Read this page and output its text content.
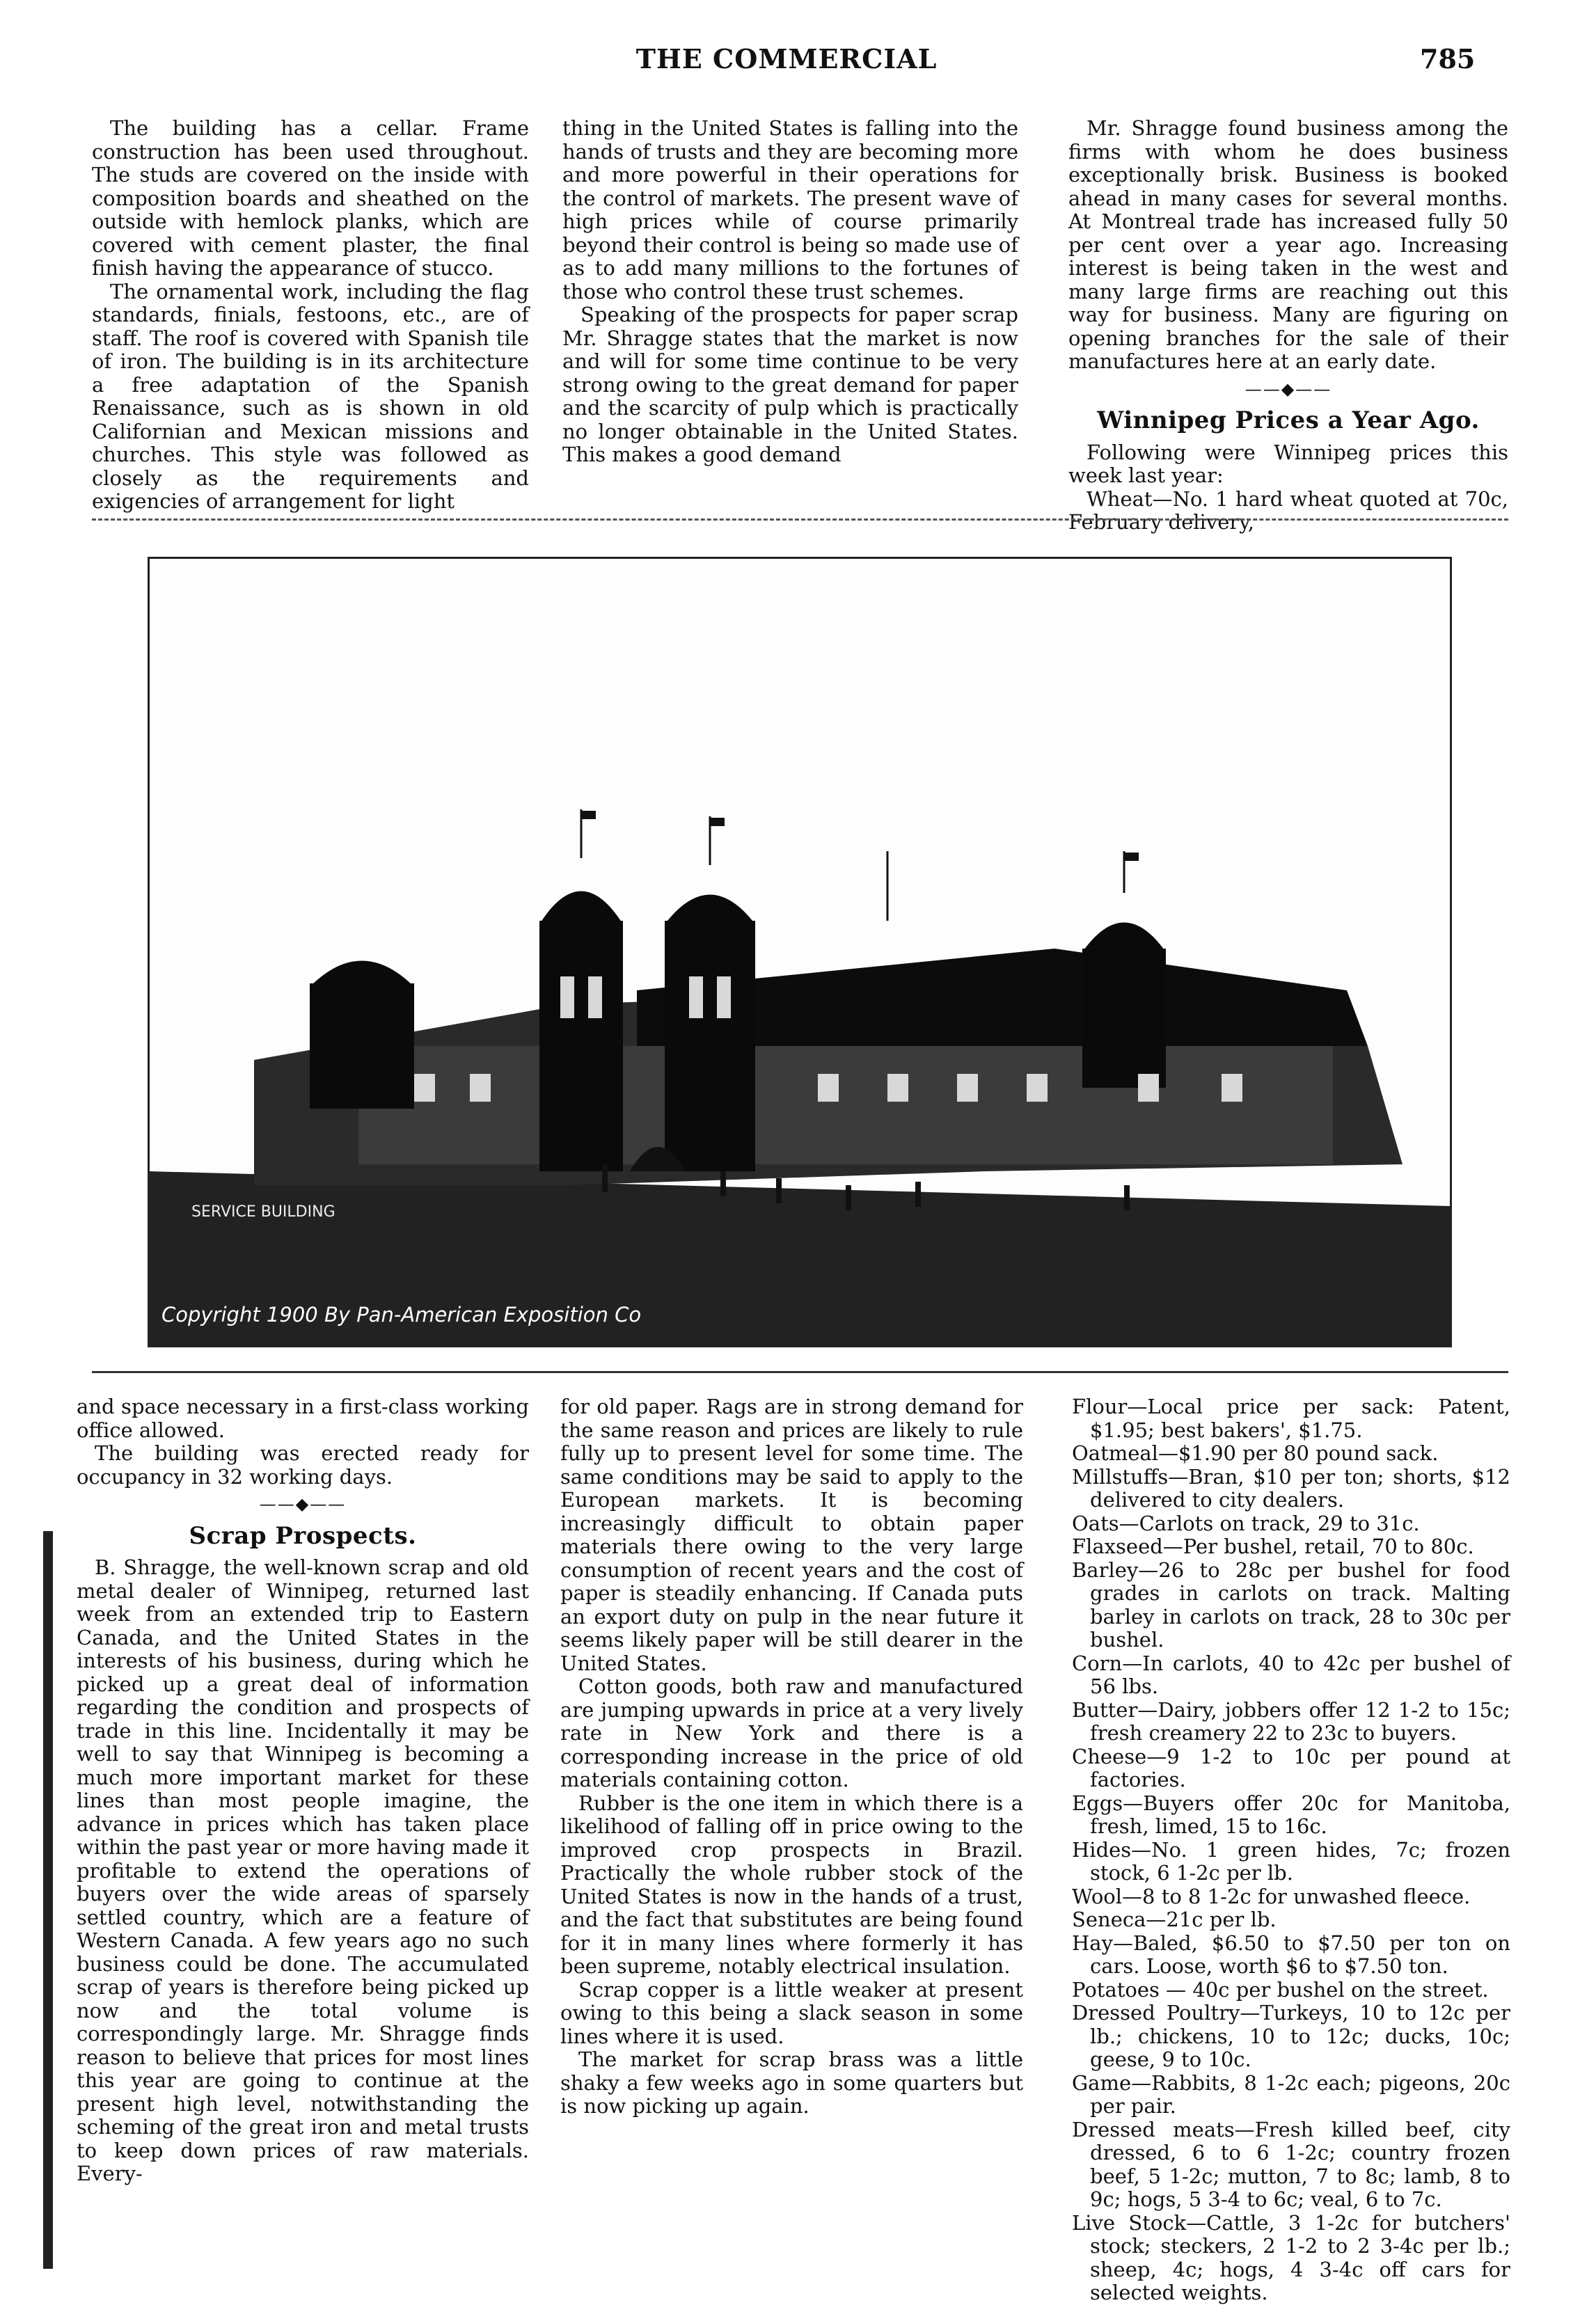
THE COMMERCIAL	785

The building has a cellar. Frame construction has been used throughout. The studs are covered on the inside with composition boards and sheathed on the outside with hemlock planks, which are covered with cement plaster, the final finish having the appearance of stucco.

The ornamental work, including the flag standards, finials, festoons, etc., are of staff. The roof is covered with Spanish tile of iron. The building is in its architecture a free adaptation of the Spanish Renaissance, such as is shown in old Californian and Mexican missions and churches. This style was followed as closely as the requirements and exigencies of arrangement for light

thing in the United States is falling into the hands of trusts and they are becoming more and more powerful in their operations for the control of markets. The present wave of high prices while of course primarily beyond their control is being so made use of as to add many millions to the fortunes of those who control these trust schemes.

Speaking of the prospects for paper scrap Mr. Shragge states that the market is now and will for some time continue to be very strong owing to the great demand for paper and the scarcity of pulp which is practically no longer obtainable in the United States. This makes a good demand

Mr. Shragge found business among the firms with whom he does business exceptionally brisk. Business is booked ahead in many cases for several months. At Montreal trade has increased fully 50 per cent over a year ago. Increasing interest is being taken in the west and many large firms are reaching out this way for business. Many are figuring on opening branches for the sale of their manufactures here at an early date.

——◆——
Winnipeg Prices a Year Ago.

Following were Winnipeg prices this week last year:

Wheat—No. 1 hard wheat quoted at 70c, February delivery,

SERVICE BUILDING
Copyright 1900 By Pan-American Exposition Co

and space necessary in a first-class working office allowed.

The building was erected ready for occupancy in 32 working days.

——◆——
Scrap Prospects.

B. Shragge, the well-known scrap and old metal dealer of Winnipeg, returned last week from an extended trip to Eastern Canada, and the United States in the interests of his business, during which he picked up a great deal of information regarding the condition and prospects of trade in this line. Incidentally it may be well to say that Winnipeg is becoming a much more important market for these lines than most people imagine, the advance in prices which has taken place within the past year or more having made it profitable to extend the operations of buyers over the wide areas of sparsely settled country, which are a feature of Western Canada. A few years ago no such business could be done. The accumulated scrap of years is therefore being picked up now and the total volume is correspondingly large. Mr. Shragge finds reason to believe that prices for most lines this year are going to continue at the present high level, notwithstanding the scheming of the great iron and metal trusts to keep down prices of raw materials. Every-

for old paper. Rags are in strong demand for the same reason and prices are likely to rule fully up to present level for some time. The same conditions may be said to apply to the European markets. It is becoming increasingly difficult to obtain paper materials there owing to the very large consumption of recent years and the cost of paper is steadily enhancing. If Canada puts an export duty on pulp in the near future it seems likely paper will be still dearer in the United States.

Cotton goods, both raw and manufactured are jumping upwards in price at a very lively rate in New York and there is a corresponding increase in the price of old materials containing cotton.

Rubber is the one item in which there is a likelihood of falling off in price owing to the improved crop prospects in Brazil. Practically the whole rubber stock of the United States is now in the hands of a trust, and the fact that substitutes are being found for it in many lines where formerly it has been supreme, notably electrical insulation.

Scrap copper is a little weaker at present owing to this being a slack season in some lines where it is used.

The market for scrap brass was a little shaky a few weeks ago in some quarters but is now picking up again.

Flour—Local price per sack: Patent, $1.95; best bakers', $1.75.

Oatmeal—$1.90 per 80 pound sack.

Millstuffs—Bran, $10 per ton; shorts, $12 delivered to city dealers.

Oats—Carlots on track, 29 to 31c.

Flaxseed—Per bushel, retail, 70 to 80c.

Barley—26 to 28c per bushel for food grades in carlots on track. Malting barley in carlots on track, 28 to 30c per bushel.

Corn—In carlots, 40 to 42c per bushel of 56 lbs.

Butter—Dairy, jobbers offer 12 1-2 to 15c; fresh creamery 22 to 23c to buyers.

Cheese—9 1-2 to 10c per pound at factories.

Eggs—Buyers offer 20c for Manitoba, fresh, limed, 15 to 16c.

Hides—No. 1 green hides, 7c; frozen stock, 6 1-2c per lb.

Wool—8 to 8 1-2c for unwashed fleece.

Seneca—21c per lb.

Hay—Baled, $6.50 to $7.50 per ton on cars. Loose, worth $6 to $7.50 ton.

Potatoes — 40c per bushel on the street.

Dressed Poultry—Turkeys, 10 to 12c per lb.; chickens, 10 to 12c; ducks, 10c; geese, 9 to 10c.

Game—Rabbits, 8 1-2c each; pigeons, 20c per pair.

Dressed meats—Fresh killed beef, city dressed, 6 to 6 1-2c; country frozen beef, 5 1-2c; mutton, 7 to 8c; lamb, 8 to 9c; hogs, 5 3-4 to 6c; veal, 6 to 7c.

Live Stock—Cattle, 3 1-2c for butchers' stock; steckers, 2 1-2 to 2 3-4c per lb.; sheep, 4c; hogs, 4 3-4c off cars for selected weights.
